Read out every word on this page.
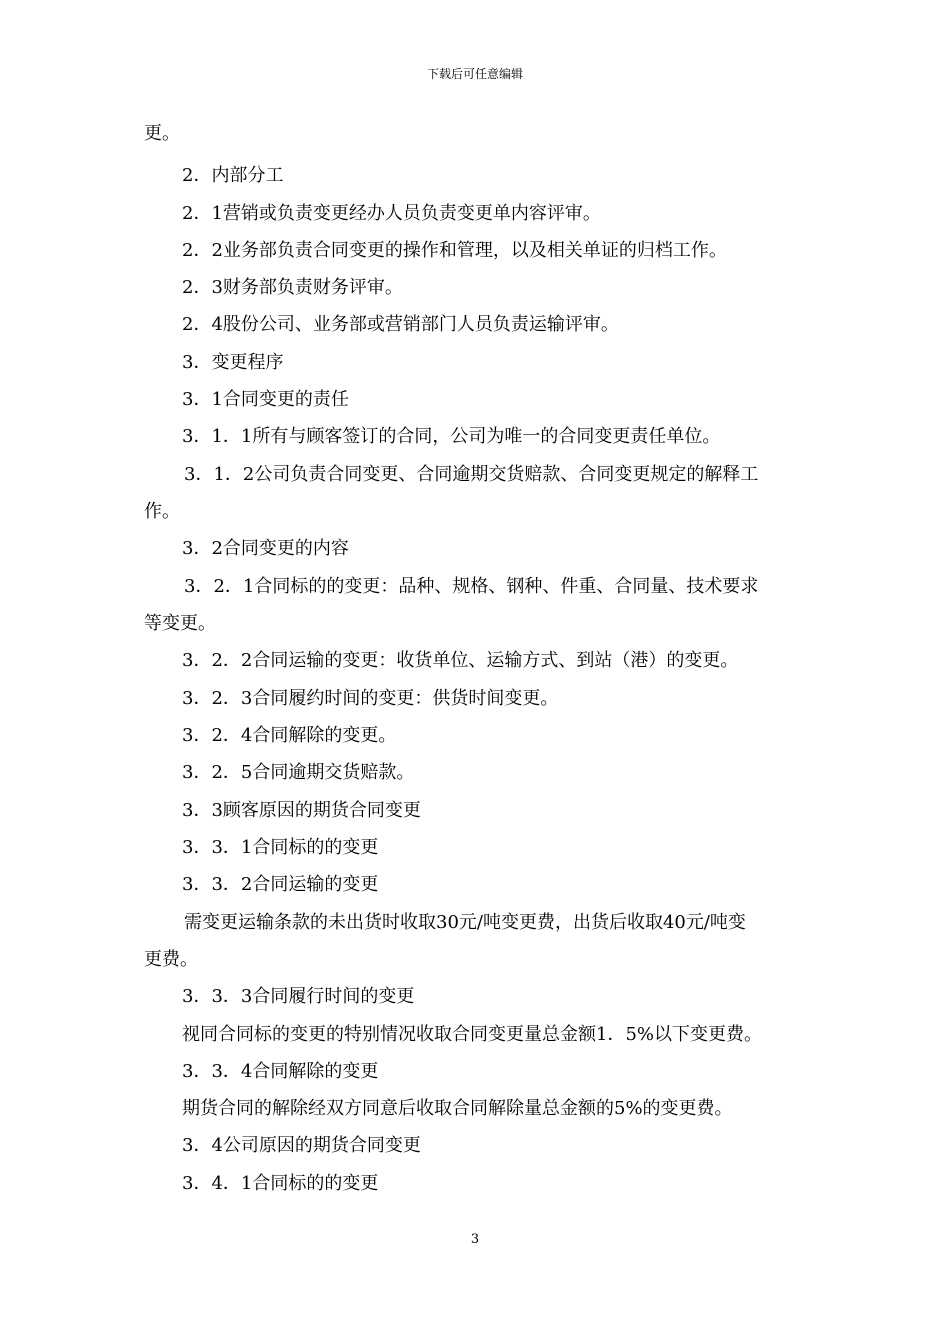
下载后可任意编辑
更。
2．内部分工
2．1营销或负责变更经办人员负责变更单内容评审。
2．2业务部负责合同变更的操作和管理，以及相关单证的归档工作。
2．3财务部负责财务评审。
2．4股份公司、业务部或营销部门人员负责运输评审。
3．变更程序
3．1合同变更的责任
3．1．1所有与顾客签订的合同，公司为唯一的合同变更责任单位。
3．1．2公司负责合同变更、合同逾期交货赔款、合同变更规定的解释工
作。
3．2合同变更的内容
3．2．1合同标的的变更：品种、规格、钢种、件重、合同量、技术要求
等变更。
3．2．2合同运输的变更：收货单位、运输方式、到站（港）的变更。
3．2．3合同履约时间的变更：供货时间变更。
3．2．4合同解除的变更。
3．2．5合同逾期交货赔款。
3．3顾客原因的期货合同变更
3．3．1合同标的的变更
3．3．2合同运输的变更
需变更运输条款的未出货时收取30元/吨变更费，出货后收取40元/吨变
更费。
3．3．3合同履行时间的变更
视同合同标的变更的特别情况收取合同变更量总金额1．5%以下变更费。
3．3．4合同解除的变更
期货合同的解除经双方同意后收取合同解除量总金额的5%的变更费。
3．4公司原因的期货合同变更
3．4．1合同标的的变更
3
